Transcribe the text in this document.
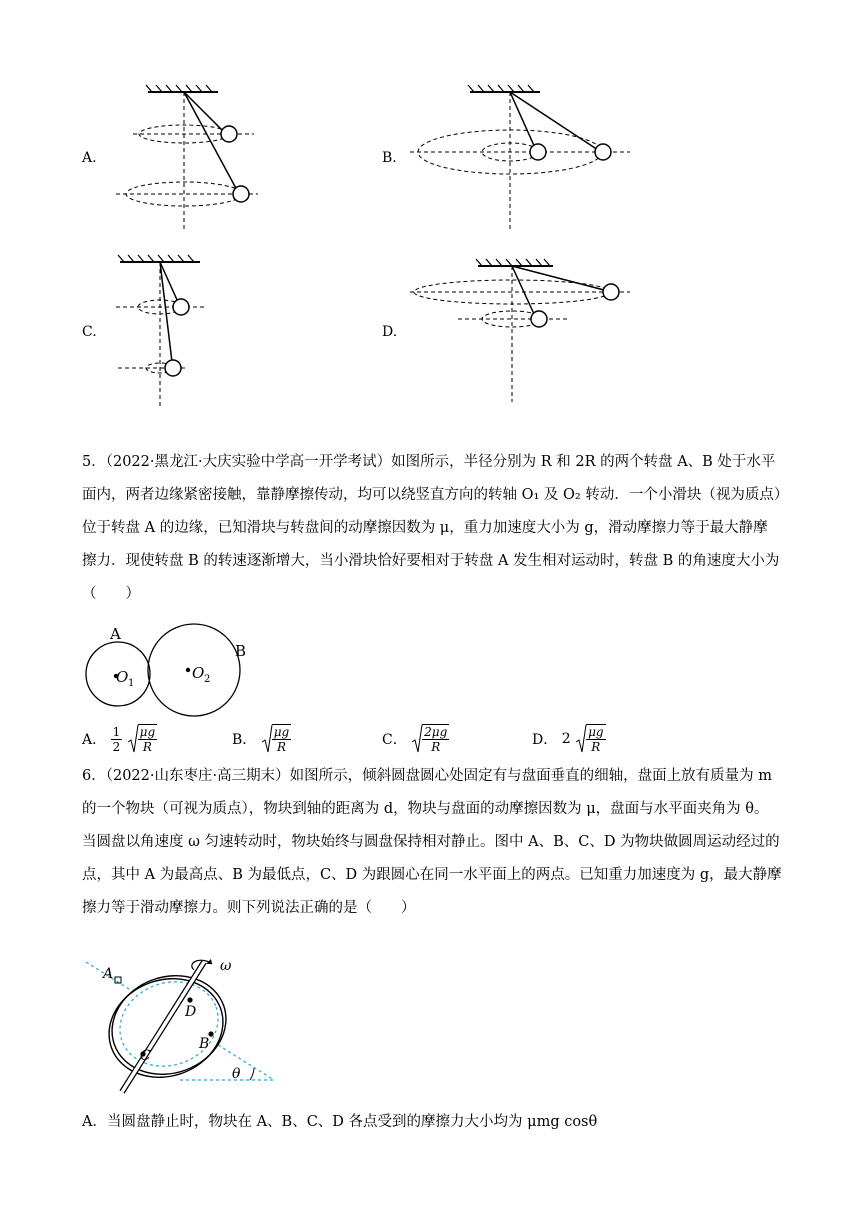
A.	B.
C.	D.
5．（2022·黑龙江·大庆实验中学高一开学考试）如图所示，半径分别为 R 和 2R 的两个转盘 A、B 处于水平面内，两者边缘紧密接触，靠静摩擦传动，均可以绕竖直方向的转轴 O₁ 及 O₂ 转动．一个小滑块（视为质点）位于转盘 A 的边缘，已知滑块与转盘间的动摩擦因数为 μ，重力加速度大小为 g，滑动摩擦力等于最大静摩擦力．现使转盘 B 的转速逐渐增大，当小滑块恰好要相对于转盘 A 发生相对运动时，转盘 B 的角速度大小为（　　）
A
B
O 1
O 2
A． $\frac{1}{2}$
$\frac{\mu g}{R}$	B． $\frac{\mu g}{R}$	C． $\frac{2\mu g}{R}$	D． $2 \frac{\mu g}{R}$
6．（2022·山东枣庄·高三期末）如图所示，倾斜圆盘圆心处固定有与盘面垂直的细轴，盘面上放有质量为 m 的一个物块（可视为质点），物块到轴的距离为 d，物块与盘面的动摩擦因数为 μ，盘面与水平面夹角为 θ。当圆盘以角速度 ω 匀速转动时，物块始终与圆盘保持相对静止。图中 A、B、C、D 为物块做圆周运动经过的点，其中 A 为最高点、B 为最低点，C、D 为跟圆心在同一水平面上的两点。已知重力加速度为 g，最大静摩擦力等于滑动摩擦力。则下列说法正确的是（　　）
ω
A
D
B
C
θ
A．当圆盘静止时，物块在 A、B、C、D 各点受到的摩擦力大小均为 μmg cosθ
